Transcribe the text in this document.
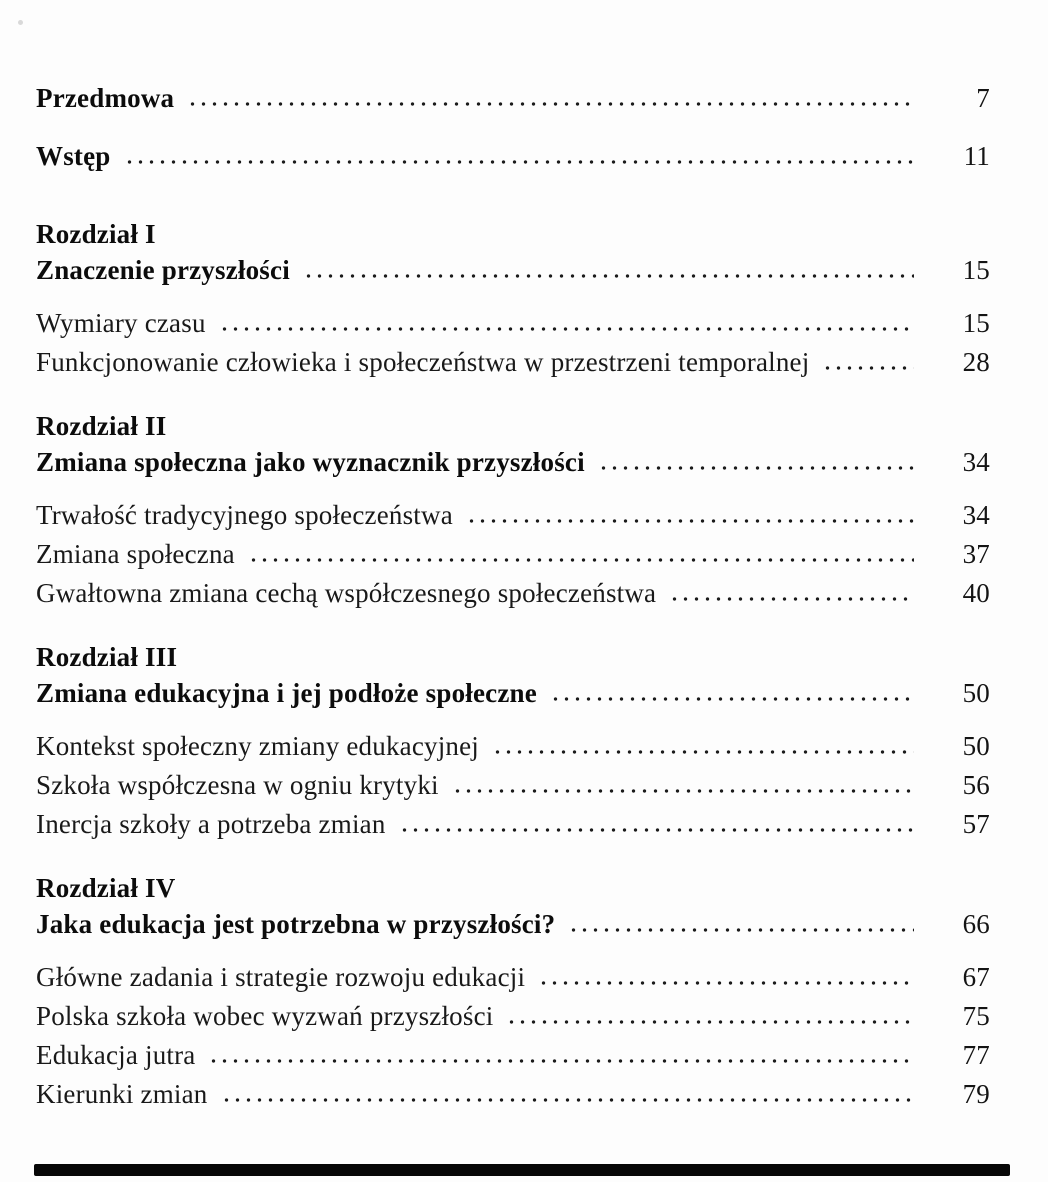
Przedmowa	7
Wstęp	11
Rozdział I
Znaczenie przyszłości	15
Wymiary czasu	15
Funkcjonowanie człowieka i społeczeństwa w przestrzeni temporalnej	28
Rozdział II
Zmiana społeczna jako wyznacznik przyszłości	34
Trwałość tradycyjnego społeczeństwa	34
Zmiana społeczna	37
Gwałtowna zmiana cechą współczesnego społeczeństwa	40
Rozdział III
Zmiana edukacyjna i jej podłoże społeczne	50
Kontekst społeczny zmiany edukacyjnej	50
Szkoła współczesna w ogniu krytyki	56
Inercja szkoły a potrzeba zmian	57
Rozdział IV
Jaka edukacja jest potrzebna w przyszłości?	66
Główne zadania i strategie rozwoju edukacji	67
Polska szkoła wobec wyzwań przyszłości	75
Edukacja jutra	77
Kierunki zmian	79
